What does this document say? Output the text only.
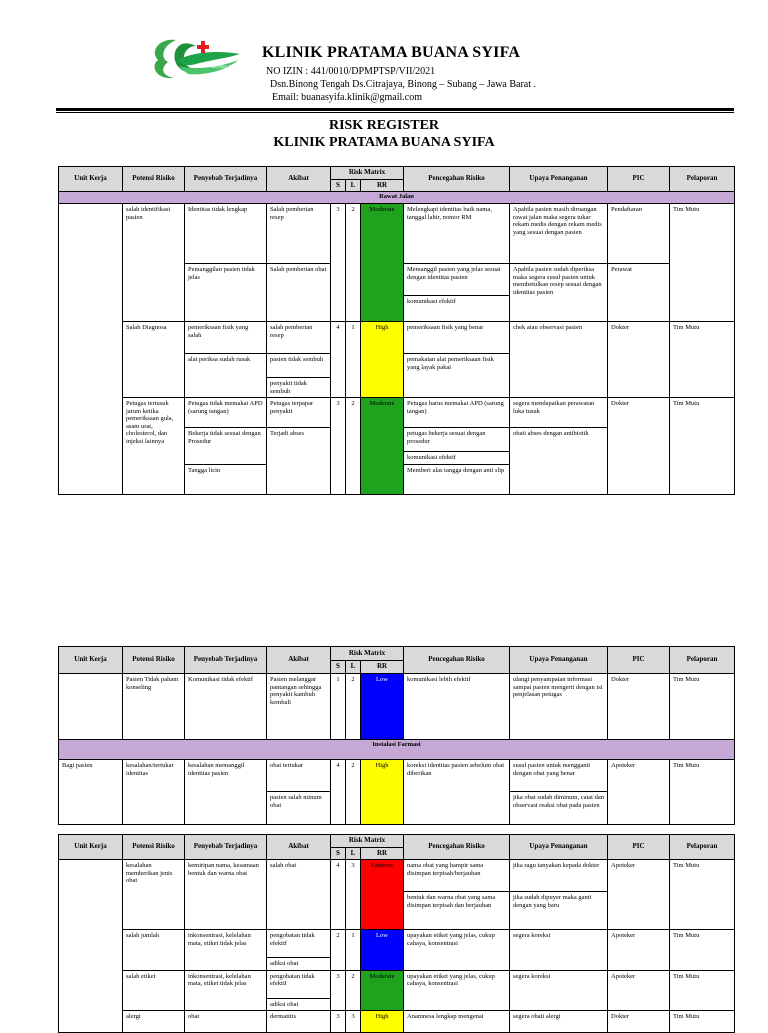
BUANA SYIFA
KLINIK PRATAMA BUANA SYIFA
NO IZIN : 441/0010/DPMPTSP/VII/2021
Dsn.Binong Tengah Ds.Citrajaya, Binong – Subang – Jawa Barat .
Email: buanasyifa.klinik@gmail.com
RISK REGISTER
KLINIK PRATAMA BUANA SYIFA
Unit Kerja	Potensi Risiko	Penyebab Terjadinya	Akibat	Risk Matrix			Pencegahan Risiko	Upaya Penanganan	PIC	Pelaporan
				S	L	RR				
Rawat Jalan										
	salah identifikasi pasien	Identitas tidak lengkap	Salah pemberian resep	3	2	Moderate	Melengkapi identitas baik nama, tanggal lahir, nomor RM	Apabila pasien masih diruangan rawat jalan maka segera tukar rekam medis dengan rekam medis yang sesuai dengan pasien	Pendaftaran	Tim Mutu
		Pemanggilan pasien tidak jelas	Salah pemberian obat				Memanggil pasien yang jelas sesuai dengan identitas pasien	Apabila pasien sudah diperiksa maka segera susul pasien untuk membetulkan resep sesuai dengan identitas pasien	Perawat	
							komunikasi efektif			
	Salah Diagnosa	pemeriksaan fisik yang salah	salah pemberian resep	4	1	High	pemeriksaan fisik yang benar	chek atau observasi pasien	Dokter	Tim Mutu
		alat periksa sudah rusak	pasien tidak sembuh				pemakaian alat pemeriksaan fisik yang layak pakai			
			penyakit tidak sembuh							
	Petugas tertusuk jarum ketika pemeriksaan gula, asam urat, cholesterol, dan injeksi lainnya	Petugas tidak memakai APD (sarung tangan)	Petugas terpapar penyakit	3	2	Moderate	Petugas harus memakai APD (sarung tangan)	segera mendapatkan perawatan luka tusuk	Dokter	Tim Mutu
		Bekerja tidak sesuai dengan Prosedur	Terjadi abses				petugas bekerja sesuai dengan prosedur	obati abses dengan antibiotik		
							komunikasi efektif			
		Tangga licin					Memberi alas tangga dengan anti slip			
Unit Kerja	Potensi Risiko	Penyebab Terjadinya	Akibat	Risk Matrix			Pencegahan Risiko	Upaya Penanganan	PIC	Pelaporan
				S	L	RR				
	Pasien Tidak paham konseling	Komunikasi tidak efektif	Pasien melanggar pantangan sehingga penyakit kambuh kembali	1	2	Low	komunikasi lebih efektif	ulangi penyampaian informasi sampai pasien mengerti dengan isi penjelasan petugas	Dokter	Tim Mutu
Instalasi Farmasi										
Bagi pasien	kesalahan/tertukar identitas	kesalahan memanggil identitas pasien	obat tertukar	4	2	High	koreksi identitas pasien sebelum obat diberikan	susul pasien untuk mengganti dengan obat yang benar	Apoteker	Tim Mutu
			pasien salah minum obat					jika obat sudah diminum, catat dan observasi reaksi obat pada pasien		
Unit Kerja	Potensi Risiko	Penyebab Terjadinya	Akibat	Risk Matrix			Pencegahan Risiko	Upaya Penanganan	PIC	Pelaporan
				S	L	RR				
	kesalahan memberikan jenis obat	kemiripan nama, kesamaan bentuk dan warna obat	salah obat	4	3	Extreme	nama obat yang hampir sama disimpan terpisah/berjauhan	jika ragu tanyakan kepada dokter	Apoteker	Tim Mutu
							bentuk dan warna obat yang sama disimpan terpisah dan berjauhan	jika sudah dipuyer maka ganti dengan yang baru		
	salah jumlah	inkonsentrasi, kelelahan mata, etiket tidak jelas	pengobatan tidak efektif	2	1	Low	upayakan etiket yang jelas, cukup cahaya, konsentrasi	segera koreksi	Apoteker	Tim Mutu
			adiksi obat							
	salah etiket	inkonsentrasi, kelelahan mata, etiket tidak jelas	pengobatan tidak efektif	3	2	Moderate	upayakan etiket yang jelas, cukup cahaya, konsentrasi	segera koreksi	Apoteker	Tim Mutu
			adiksi obat							
	alergi	obat	dermatitis	3	3	High	Anamnesa lengkap mengenai	segera obati alergi	Dokter	Tim Mutu
